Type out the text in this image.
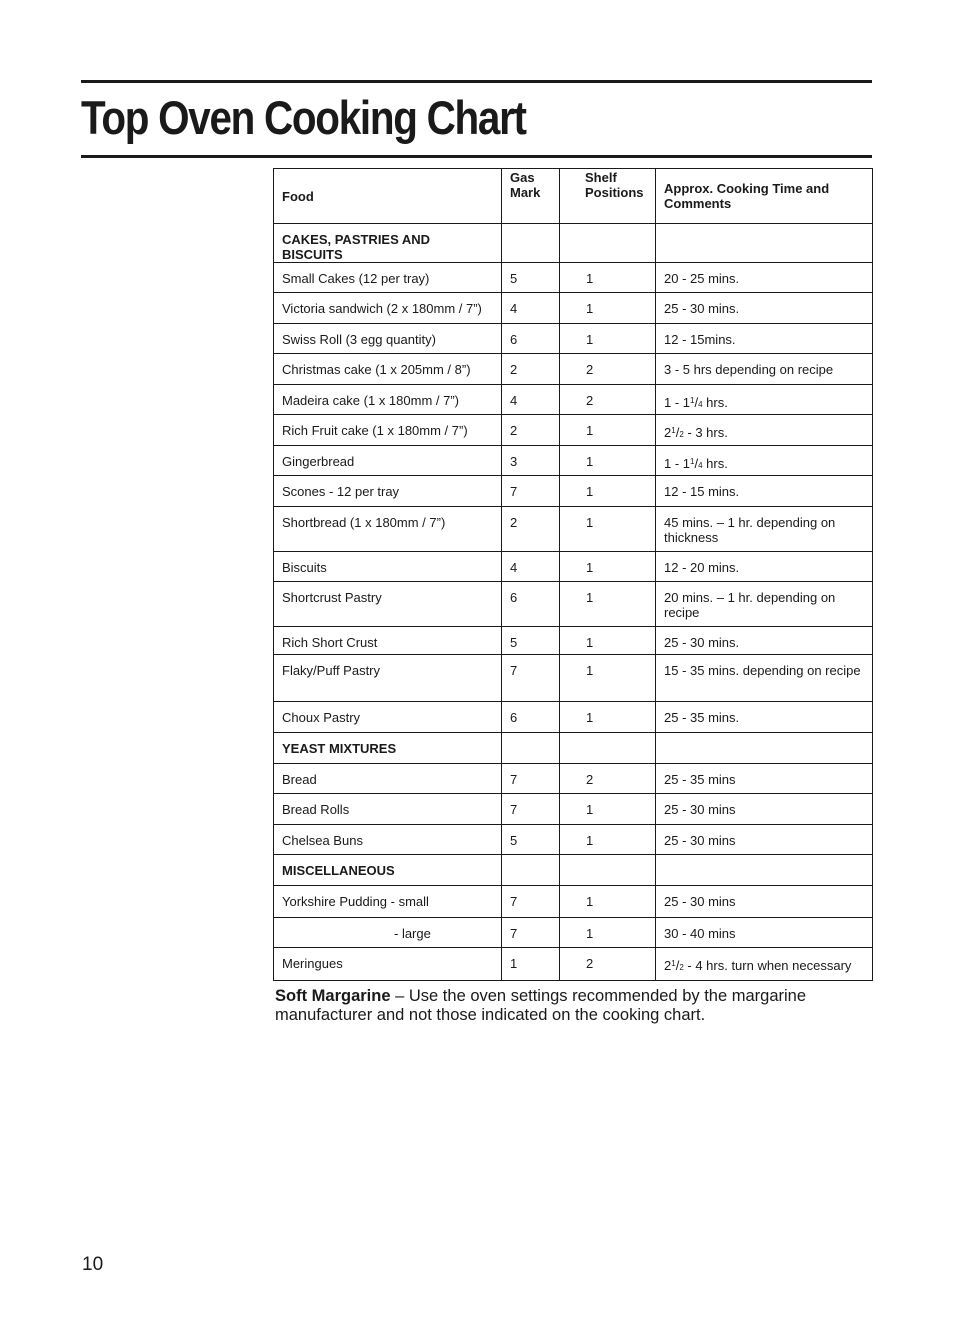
Top Oven Cooking Chart
Food	Gas Mark	Shelf Positions	Approx. Cooking Time and Comments
CAKES, PASTRIES AND BISCUITS			
Small Cakes (12 per tray)	5	1	20 - 25 mins.
Victoria sandwich (2 x 180mm / 7”)	4	1	25 - 30 mins.
Swiss Roll (3 egg quantity)	6	1	12 - 15mins.
Christmas cake (1 x 205mm / 8”)	2	2	3 - 5 hrs depending on recipe
Madeira cake (1 x 180mm / 7”)	4	2	$1 - 1^1/4$ hrs.
Rich Fruit cake (1 x 180mm / 7”)	2	1	$2^1/2 - 3$ hrs.
Gingerbread	3	1	$1 - 1^1/4$ hrs.
Scones - 12 per tray	7	1	12 - 15 mins.
Shortbread (1 x 180mm / 7”)	2	1	45 mins. – 1 hr. depending on thickness
Biscuits	4	1	12 - 20 mins.
Shortcrust Pastry	6	1	20 mins. – 1 hr. depending on recipe
Rich Short Crust	5	1	25 - 30 mins.
Flaky/Puff Pastry	7	1	15 - 35 mins. depending on recipe
Choux Pastry	6	1	25 - 35 mins.
YEAST MIXTURES			
Bread	7	2	25 - 35 mins
Bread Rolls	7	1	25 - 30 mins
Chelsea Buns	5	1	25 - 30 mins
MISCELLANEOUS			
Yorkshire Pudding - small	7	1	25 - 30 mins
- large	7	1	30 - 40 mins
Meringues	1	2	$2^1/2 - 4$ hrs. turn when necessary

Soft Margarine – Use the oven settings recommended by the margarine manufacturer and not those indicated on the cooking chart.

10
